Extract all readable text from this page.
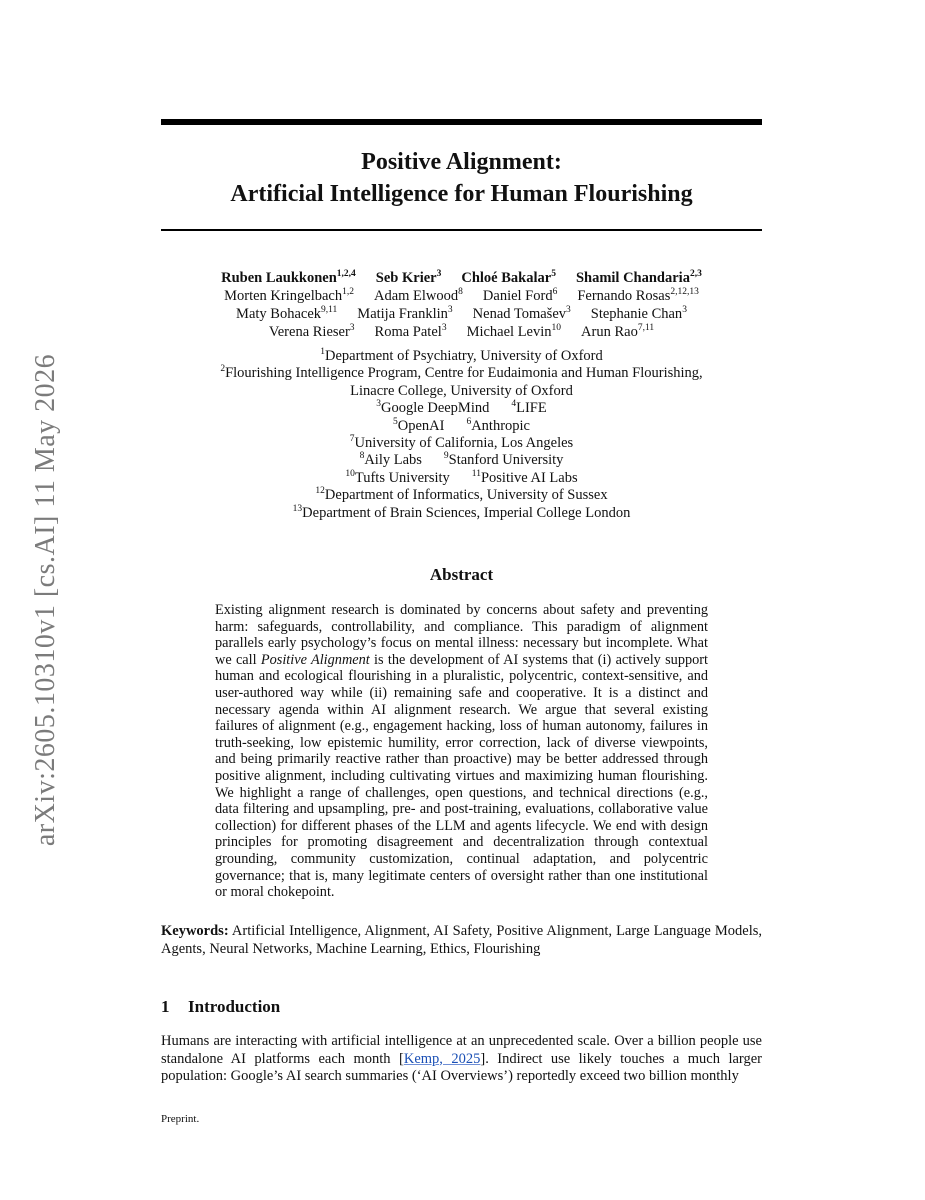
arXiv:2605.10310v1 [cs.AI] 11 May 2026
Positive Alignment:
Artificial Intelligence for Human Flourishing
Ruben Laukkonen$^{1,2,4}$ Seb Krier$^3$ Chloé Bakalar$^5$ Shamil Chandaria$^{2,3}$
Morten Kringelbach$^{1,2}$ Adam Elwood$^8$ Daniel Ford$^6$ Fernando Rosas$^{2,12,13}$
Maty Bohacek$^{9,11}$ Matija Franklin$^3$ Nenad Tomašev$^3$ Stephanie Chan$^3$
Verena Rieser$^3$ Roma Patel$^3$ Michael Levin$^{10}$ Arun Rao$^{7,11}$
$^1$Department of Psychiatry, University of Oxford
$^2$Flourishing Intelligence Program, Centre for Eudaimonia and Human Flourishing,
Linacre College, University of Oxford
$^3$Google DeepMind $^4$LIFE
$^5$OpenAI $^6$Anthropic
$^7$University of California, Los Angeles
$^8$Aily Labs $^9$Stanford University
$^{10}$Tufts University $^{11}$Positive AI Labs
$^{12}$Department of Informatics, University of Sussex
$^{13}$Department of Brain Sciences, Imperial College London
Abstract
Existing alignment research is dominated by concerns about safety and preventing harm: safeguards, controllability, and compliance. This paradigm of alignment parallels early psychology’s focus on mental illness: necessary but incomplete. What we call Positive Alignment is the development of AI systems that (i) actively support human and ecological flourishing in a pluralistic, polycentric, context-sensitive, and user-authored way while (ii) remaining safe and cooperative. It is a distinct and necessary agenda within AI alignment research. We argue that several existing failures of alignment (e.g., engagement hacking, loss of human autonomy, failures in truth-seeking, low epistemic humility, error correction, lack of diverse viewpoints, and being primarily reactive rather than proactive) may be better addressed through positive alignment, including cultivating virtues and maximizing human flourishing. We highlight a range of challenges, open questions, and technical directions (e.g., data filtering and upsampling, pre- and post-training, evaluations, collaborative value collection) for different phases of the LLM and agents lifecycle. We end with design principles for promoting disagreement and decentralization through contextual grounding, community customization, continual adaptation, and polycentric governance; that is, many legitimate centers of oversight rather than one institutional or moral chokepoint.
Keywords: Artificial Intelligence, Alignment, AI Safety, Positive Alignment, Large Language Models, Agents, Neural Networks, Machine Learning, Ethics, Flourishing
1 Introduction
Humans are interacting with artificial intelligence at an unprecedented scale. Over a billion people use standalone AI platforms each month [Kemp, 2025]. Indirect use likely touches a much larger population: Google’s AI search summaries (‘AI Overviews’) reportedly exceed two billion monthly
Preprint.
